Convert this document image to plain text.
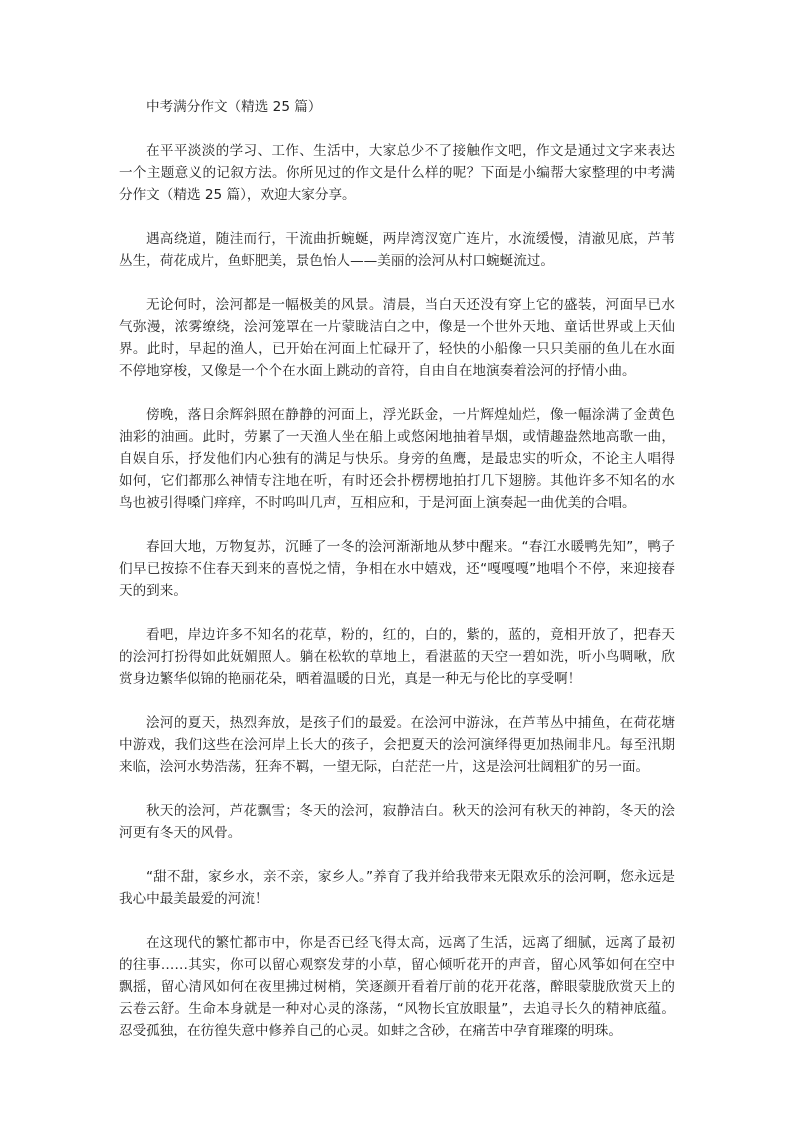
中考满分作文（精选 25 篇）

在平平淡淡的学习、工作、生活中，大家总少不了接触作文吧，作文是通过文字来表达一个主题意义的记叙方法。你所见过的作文是什么样的呢？下面是小编帮大家整理的中考满分作文（精选 25 篇），欢迎大家分享。

遇高绕道，随洼而行，干流曲折蜿蜒，两岸湾汊宽广连片，水流缓慢，清澈见底，芦苇丛生，荷花成片，鱼虾肥美，景色怡人——美丽的浍河从村口蜿蜒流过。

无论何时，浍河都是一幅极美的风景。清晨，当白天还没有穿上它的盛装，河面早已水气弥漫，浓雾缭绕，浍河笼罩在一片蒙眬洁白之中，像是一个世外天地、童话世界或上天仙界。此时，早起的渔人，已开始在河面上忙碌开了，轻快的小船像一只只美丽的鱼儿在水面不停地穿梭，又像是一个个在水面上跳动的音符，自由自在地演奏着浍河的抒情小曲。

傍晚，落日余辉斜照在静静的河面上，浮光跃金，一片辉煌灿烂，像一幅涂满了金黄色油彩的油画。此时，劳累了一天渔人坐在船上或悠闲地抽着旱烟，或情趣盎然地高歌一曲，自娱自乐，抒发他们内心独有的满足与快乐。身旁的鱼鹰，是最忠实的听众，不论主人唱得如何，它们都那么神情专注地在听，有时还会扑楞楞地拍打几下翅膀。其他许多不知名的水鸟也被引得嗓门痒痒，不时呜叫几声，互相应和，于是河面上演奏起一曲优美的合唱。

春回大地，万物复苏，沉睡了一冬的浍河渐渐地从梦中醒来。“春江水暖鸭先知”，鸭子们早已按捺不住春天到来的喜悦之情，争相在水中嬉戏，还“嘎嘎嘎”地唱个不停，来迎接春天的到来。

看吧，岸边许多不知名的花草，粉的，红的，白的，紫的，蓝的，竟相开放了，把春天的浍河打扮得如此妩媚照人。躺在松软的草地上，看湛蓝的天空一碧如洗，听小鸟啁啾，欣赏身边繁华似锦的艳丽花朵，晒着温暖的日光，真是一种无与伦比的享受啊！

浍河的夏天，热烈奔放，是孩子们的最爱。在浍河中游泳，在芦苇丛中捕鱼，在荷花塘中游戏，我们这些在浍河岸上长大的孩子，会把夏天的浍河演绎得更加热闹非凡。每至汛期来临，浍河水势浩荡，狂奔不羁，一望无际，白茫茫一片，这是浍河壮阔粗犷的另一面。

秋天的浍河，芦花飘雪；冬天的浍河，寂静洁白。秋天的浍河有秋天的神韵，冬天的浍河更有冬天的风骨。

“甜不甜，家乡水，亲不亲，家乡人。”养育了我并给我带来无限欢乐的浍河啊，您永远是我心中最美最爱的河流！

在这现代的繁忙都市中，你是否已经飞得太高，远离了生活，远离了细腻，远离了最初的往事……其实，你可以留心观察发芽的小草，留心倾听花开的声音，留心风筝如何在空中飘摇，留心清风如何在夜里拂过树梢，笑逐颜开看着厅前的花开花落，醉眼蒙胧欣赏天上的云卷云舒。生命本身就是一种对心灵的涤荡，“风物长宜放眼量”，去追寻长久的精神底蕴。忍受孤独，在彷徨失意中修养自己的心灵。如蚌之含砂，在痛苦中孕育璀璨的明珠。
